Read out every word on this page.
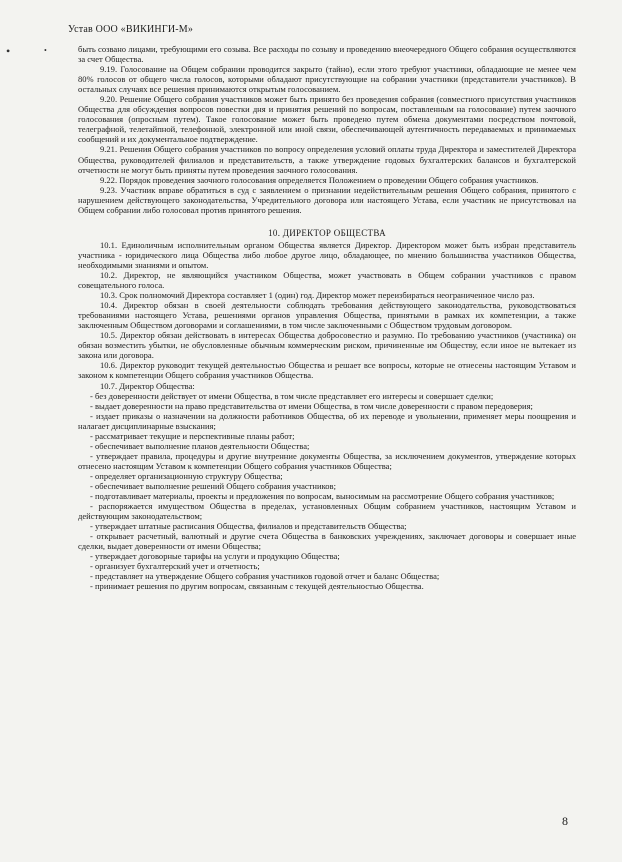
Устав ООО «ВИКИНГИ-М»
•	•	быть созвано лицами, требующими его созыва. Все расходы по созыву и проведению внеочередного Общего собрания осуществляются за счет Общества.

9.19. Голосование на Общем собрании проводится закрыто (тайно), если этого требуют участники, обладающие не менее чем 80% голосов от общего числа голосов, которыми обладают присутствующие на собрании участники (представители участников). В остальных случаях все решения принимаются открытым голосованием.

9.20. Решение Общего собрания участников может быть принято без проведения собрания (совместного присутствия участников Общества для обсуждения вопросов повестки дня и принятия решений по вопросам, поставленным на голосование) путем заочного голосования (опросным путем). Такое голосование может быть проведено путем обмена документами посредством почтовой, телеграфной, телетайпной, телефонной, электронной или иной связи, обеспечивающей аутентичность передаваемых и принимаемых сообщений и их документальное подтверждение.

9.21. Решения Общего собрания участников по вопросу определения условий оплаты труда Директора и заместителей Директора Общества, руководителей филиалов и представительств, а также утверждение годовых бухгалтерских балансов и бухгалтерской отчетности не могут быть приняты путем проведения заочного голосования.

9.22. Порядок проведения заочного голосования определяется Положением о проведении Общего собрания участников.

9.23. Участник вправе обратиться в суд с заявлением о признании недействительным решения Общего собрания, принятого с нарушением действующего законодательства, Учредительного договора или настоящего Устава, если участник не присутствовал на Общем собрании либо голосовал против принятого решения.

10. ДИРЕКТОР ОБЩЕСТВА

10.1. Единоличным исполнительным органом Общества является Директор. Директором может быть избран представитель участника - юридического лица Общества либо любое другое лицо, обладающее, по мнению большинства участников Общества, необходимыми знаниями и опытом.

10.2. Директор, не являющийся участником Общества, может участвовать в Общем собрании участников с правом совещательного голоса.

10.3. Срок полномочий Директора составляет 1 (один) год. Директор может переизбираться неограниченное число раз.

10.4. Директор обязан в своей деятельности соблюдать требования действующего законодательства, руководствоваться требованиями настоящего Устава, решениями органов управления Общества, принятыми в рамках их компетенции, а также заключенным Обществом договорами и соглашениями, в том числе заключенными с Обществом трудовым договором.

10.5. Директор обязан действовать в интересах Общества добросовестно и разумно. По требованию участников (участника) он обязан возместить убытки, не обусловленные обычным коммерческим риском, причиненные им Обществу, если иное не вытекает из закона или договора.

10.6. Директор руководит текущей деятельностью Общества и решает все вопросы, которые не отнесены настоящим Уставом и законом к компетенции Общего собрания участников Общества.

10.7. Директор Общества:

- без доверенности действует от имени Общества, в том числе представляет его интересы и совершает сделки;

- выдает доверенности на право представительства от имени Общества, в том числе доверенности с правом передоверия;

- издает приказы о назначении на должности работников Общества, об их переводе и увольнении, применяет меры поощрения и налагает дисциплинарные взыскания;

- рассматривает текущие и перспективные планы работ;

- обеспечивает выполнение планов деятельности Общества;

- утверждает правила, процедуры и другие внутренние документы Общества, за исключением документов, утверждение которых отнесено настоящим Уставом к компетенции Общего собрания участников Общества;

- определяет организационную структуру Общества;

- обеспечивает выполнение решений Общего собрания участников;

- подготавливает материалы, проекты и предложения по вопросам, выносимым на рассмотрение Общего собрания участников;

- распоряжается имуществом Общества в пределах, установленных Общим собранием участников, настоящим Уставом и действующим законодательством;

- утверждает штатные расписания Общества, филиалов и представительств Общества;

- открывает расчетный, валютный и другие счета Общества в банковских учреждениях, заключает договоры и совершает иные сделки, выдает доверенности от имени Общества;

- утверждает договорные тарифы на услуги и продукцию Общества;

- организует бухгалтерский учет и отчетность;

- представляет на утверждение Общего собрания участников годовой отчет и баланс Общества;

- принимает решения по другим вопросам, связанным с текущей деятельностью Общества.

8
